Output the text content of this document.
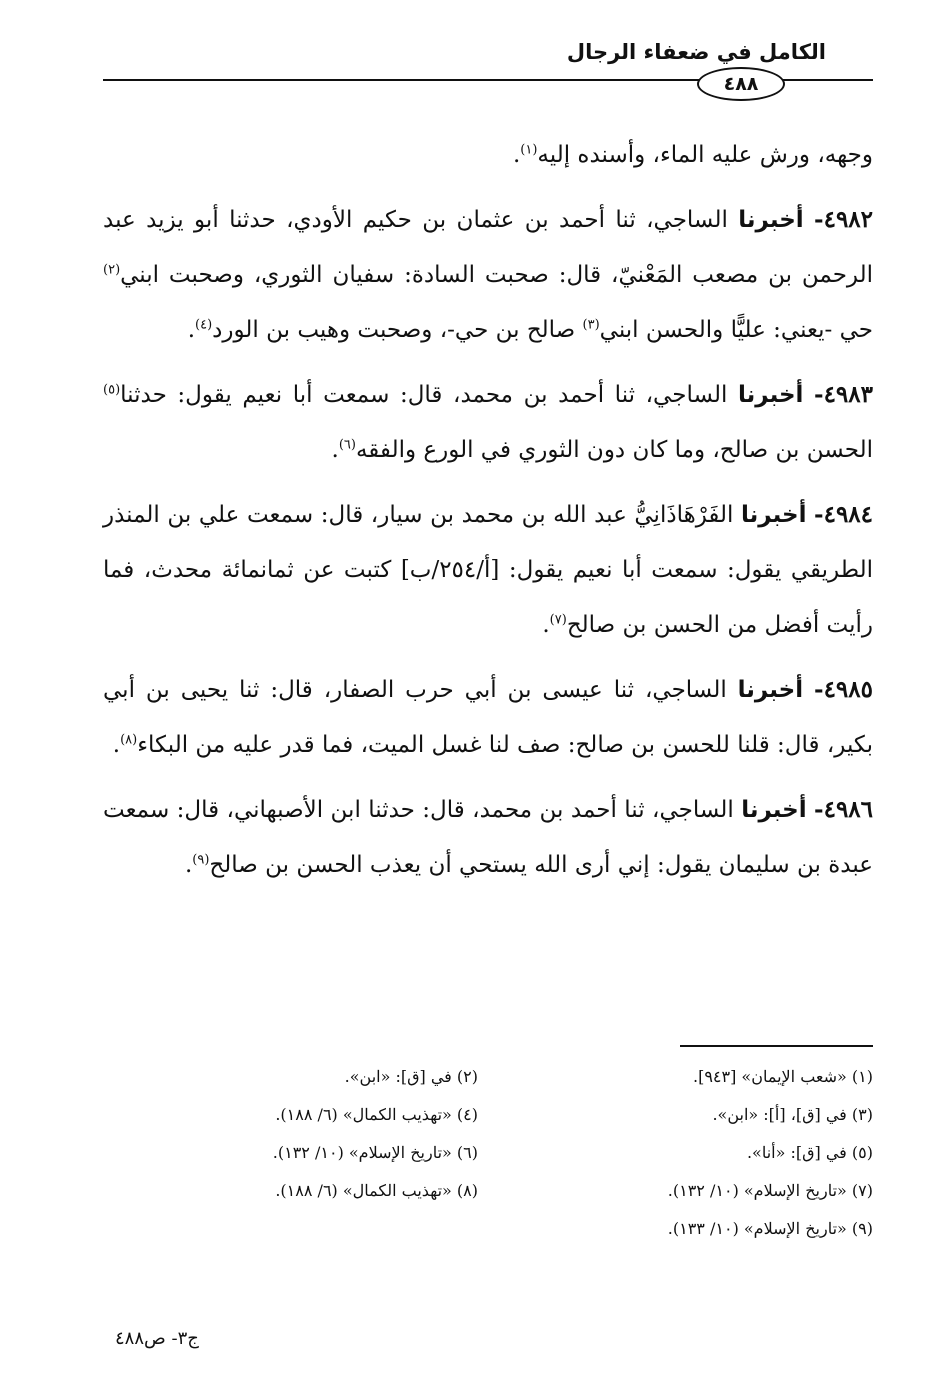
الكامل في ضعفاء الرجال
٤٨٨

وجهه، ورش عليه الماء، وأسنده إليه$^{(١)}$.

٤٩٨٢- أخبرنا الساجي، ثنا أحمد بن عثمان بن حكيم الأودي، حدثنا أبو يزيد عبد الرحمن بن مصعب المَعْنيّ، قال: صحبت السادة: سفيان الثوري، وصحبت ابني$^{(٢)}$ حي -يعني: عليًّا والحسن ابني$^{(٣)}$ صالح بن حي-، وصحبت وهيب بن الورد$^{(٤)}$.

٤٩٨٣- أخبرنا الساجي، ثنا أحمد بن محمد، قال: سمعت أبا نعيم يقول: حدثنا$^{(٥)}$ الحسن بن صالح، وما كان دون الثوري في الورع والفقه$^{(٦)}$.

٤٩٨٤- أخبرنا الفَرْهَاذَانِيُّ عبد الله بن محمد بن سيار، قال: سمعت علي بن المنذر الطريقي يقول: سمعت أبا نعيم يقول: [أ/٢٥٤/ب] كتبت عن ثمانمائة محدث، فما رأيت أفضل من الحسن بن صالح$^{(٧)}$.

٤٩٨٥- أخبرنا الساجي، ثنا عيسى بن أبي حرب الصفار، قال: ثنا يحيى بن أبي بكير، قال: قلنا للحسن بن صالح: صف لنا غسل الميت، فما قدر عليه من البكاء$^{(٨)}$.

٤٩٨٦- أخبرنا الساجي، ثنا أحمد بن محمد، قال: حدثنا ابن الأصبهاني، قال: سمعت عبدة بن سليمان يقول: إني أرى الله يستحي أن يعذب الحسن بن صالح$^{(٩)}$.

(١) «شعب الإيمان» [٩٤٣].
(٢) في [ق]: «ابن».
(٣) في [ق]، [أ]: «ابن».
(٤) «تهذيب الكمال» (٦/ ١٨٨).
(٥) في [ق]: «أنا».
(٦) «تاريخ الإسلام» (١٠/ ١٣٢).
(٧) «تاريخ الإسلام» (١٠/ ١٣٢).
(٨) «تهذيب الكمال» (٦/ ١٨٨).
(٩) «تاريخ الإسلام» (١٠/ ١٣٣).
ج٣- ص٤٨٨
